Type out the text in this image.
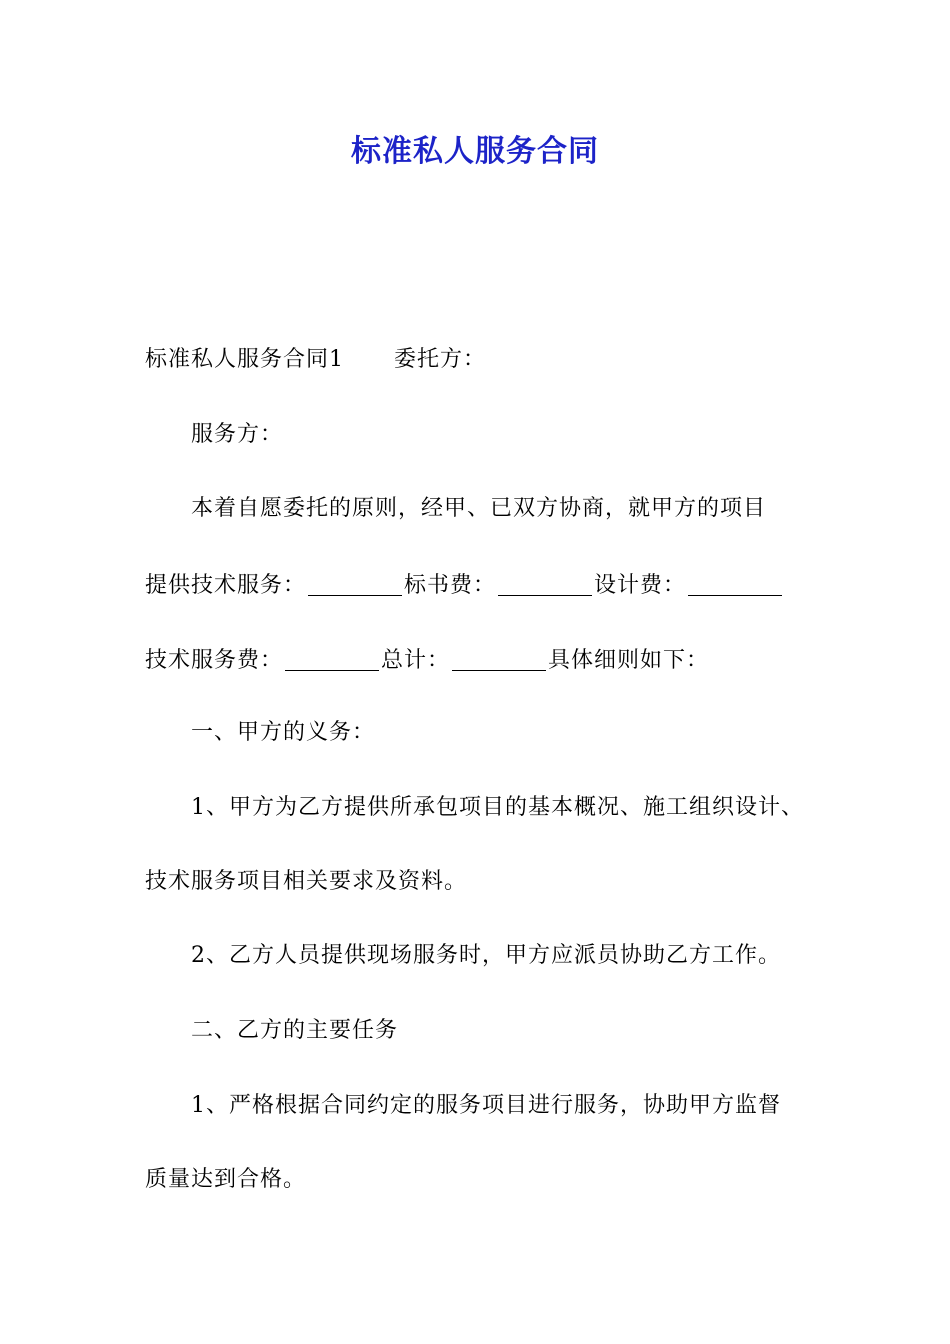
标准私人服务合同
标准私人服务合同1 委托方：
服务方：
本着自愿委托的原则，经甲、已双方协商，就甲方的项目
提供技术服务：	标书费：	设计费：
技术服务费：	总计：	具体细则如下：
一、甲方的义务：
1、甲方为乙方提供所承包项目的基本概况、施工组织设计、
技术服务项目相关要求及资料。
2、乙方人员提供现场服务时，甲方应派员协助乙方工作。
二、乙方的主要任务
1、严格根据合同约定的服务项目进行服务，协助甲方监督
质量达到合格。
